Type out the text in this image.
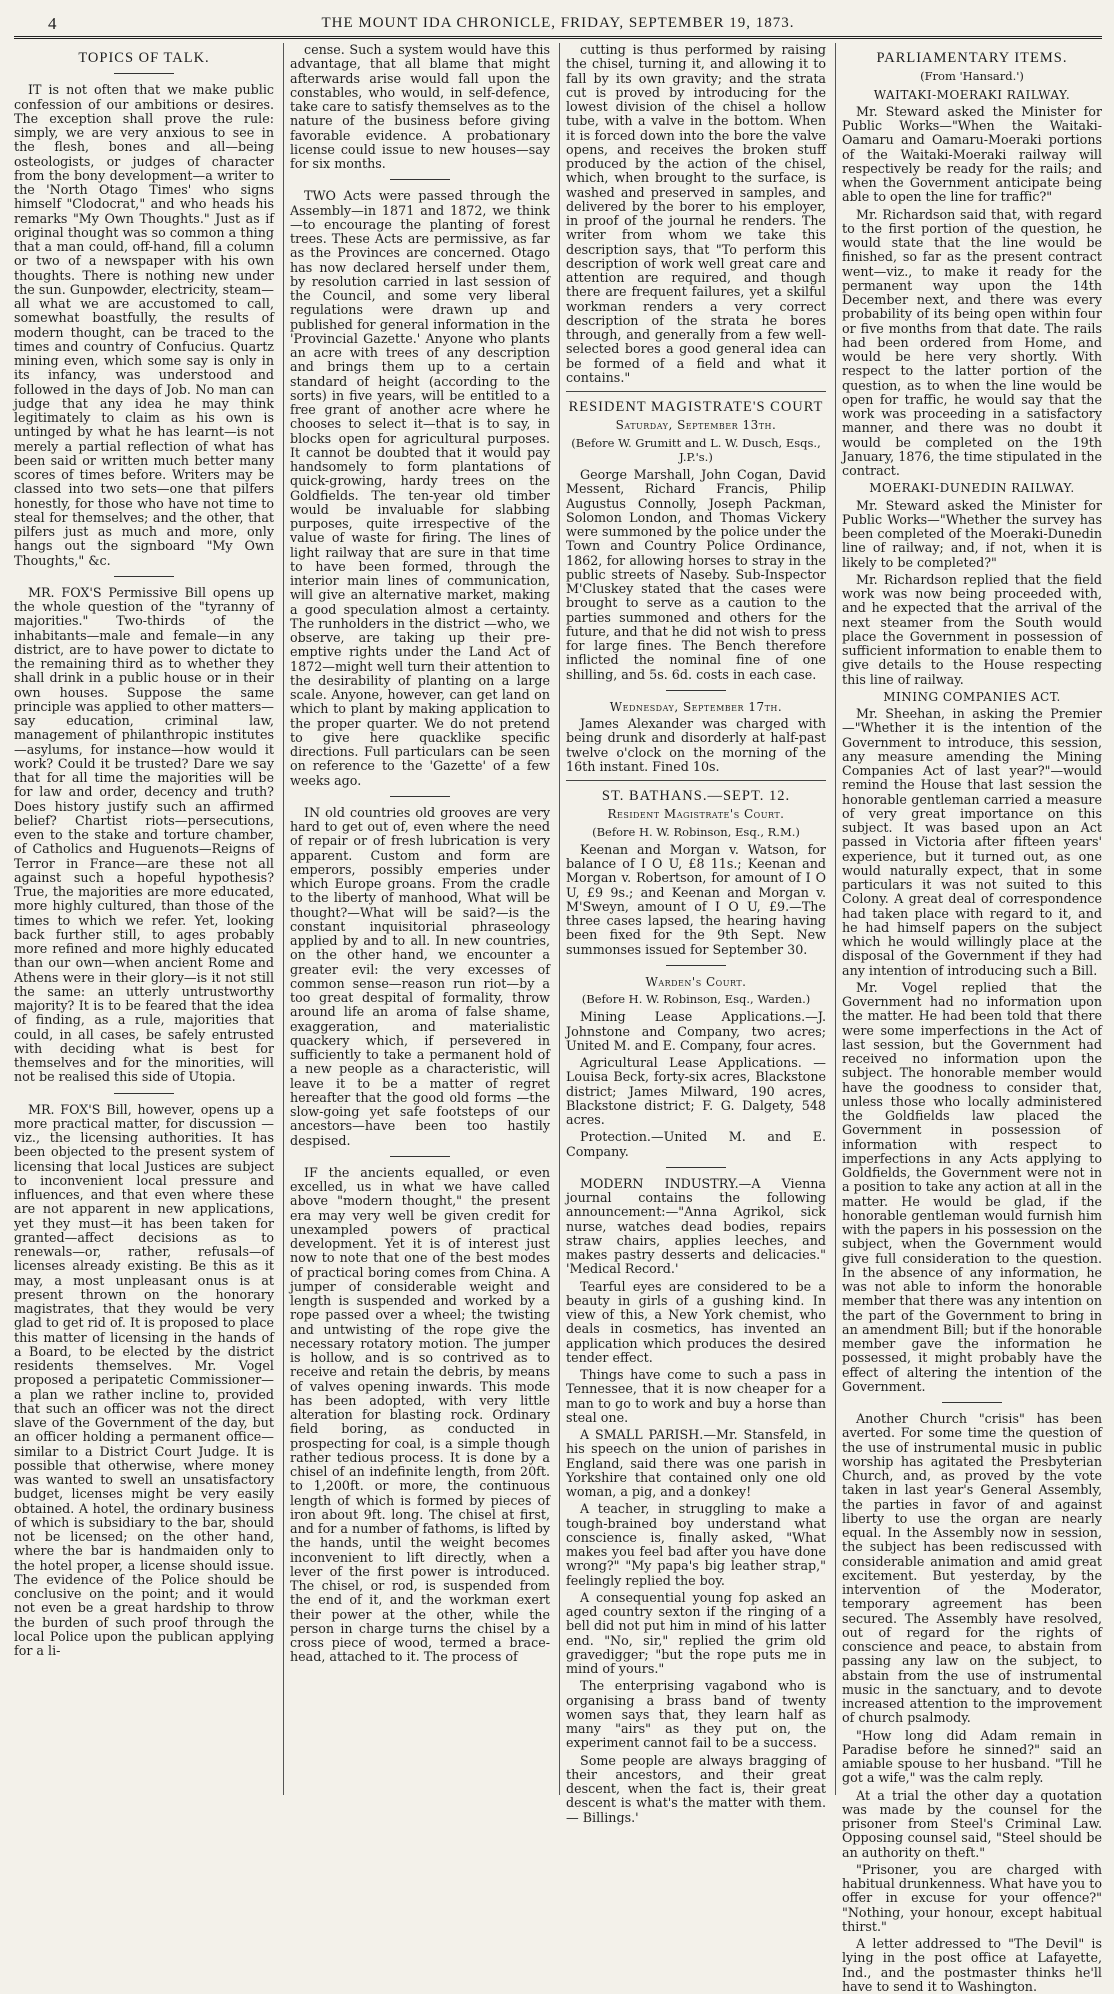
4	THE MOUNT IDA CHRONICLE, FRIDAY, SEPTEMBER 19, 1873.
TOPICS OF TALK.

IT is not often that we make public confession of our ambitions or desires. The exception shall prove the rule: simply, we are very anxious to see in the flesh, bones and all—being osteologists, or judges of character from the bony development—a writer to the 'North Otago Times' who signs himself "Clodocrat," and who heads his remarks "My Own Thoughts." Just as if original thought was so common a thing that a man could, off-hand, fill a column or two of a newspaper with his own thoughts. There is nothing new under the sun. Gunpowder, electricity, steam—all what we are accustomed to call, somewhat boastfully, the results of modern thought, can be traced to the times and country of Confucius. Quartz mining even, which some say is only in its infancy, was understood and followed in the days of Job. No man can judge that any idea he may think legitimately to claim as his own is untinged by what he has learnt—is not merely a partial reflection of what has been said or written much better many scores of times before. Writers may be classed into two sets—one that pilfers honestly, for those who have not time to steal for themselves; and the other, that pilfers just as much and more, only hangs out the signboard "My Own Thoughts," &c.

MR. FOX'S Permissive Bill opens up the whole question of the "tyranny of majorities." Two-thirds of the inhabitants—male and female—in any district, are to have power to dictate to the remaining third as to whether they shall drink in a public house or in their own houses. Suppose the same principle was applied to other matters—say education, criminal law, management of philanthropic institutes—asylums, for instance—how would it work? Could it be trusted? Dare we say that for all time the majorities will be for law and order, decency and truth? Does history justify such an affirmed belief? Chartist riots—persecutions, even to the stake and torture chamber, of Catholics and Huguenots—Reigns of Terror in France—are these not all against such a hopeful hypothesis? True, the majorities are more educated, more highly cultured, than those of the times to which we refer. Yet, looking back further still, to ages probably more refined and more highly educated than our own—when ancient Rome and Athens were in their glory—is it not still the same: an utterly untrustworthy majority? It is to be feared that the idea of finding, as a rule, majorities that could, in all cases, be safely entrusted with deciding what is best for themselves and for the minorities, will not be realised this side of Utopia.

MR. FOX'S Bill, however, opens up a more practical matter, for discussion —viz., the licensing authorities. It has been objected to the present system of licensing that local Justices are subject to inconvenient local pressure and influences, and that even where these are not apparent in new applications, yet they must—it has been taken for granted—affect decisions as to renewals—or, rather, refusals—of licenses already existing. Be this as it may, a most unpleasant onus is at present thrown on the honorary magistrates, that they would be very glad to get rid of. It is proposed to place this matter of licensing in the hands of a Board, to be elected by the district residents themselves. Mr. Vogel proposed a peripatetic Commissioner—a plan we rather incline to, provided that such an officer was not the direct slave of the Government of the day, but an officer holding a permanent office—similar to a District Court Judge. It is possible that otherwise, where money was wanted to swell an unsatisfactory budget, licenses might be very easily obtained. A hotel, the ordinary business of which is subsidiary to the bar, should not be licensed; on the other hand, where the bar is handmaiden only to the hotel proper, a license should issue. The evidence of the Police should be conclusive on the point; and it would not even be a great hardship to throw the burden of such proof through the local Police upon the publican applying for a li-

cense. Such a system would have this advantage, that all blame that might afterwards arise would fall upon the constables, who would, in self-defence, take care to satisfy themselves as to the nature of the business before giving favorable evidence. A probationary license could issue to new houses—say for six months.

TWO Acts were passed through the Assembly—in 1871 and 1872, we think —to encourage the planting of forest trees. These Acts are permissive, as far as the Provinces are concerned. Otago has now declared herself under them, by resolution carried in last session of the Council, and some very liberal regulations were drawn up and published for general information in the 'Provincial Gazette.' Anyone who plants an acre with trees of any description and brings them up to a certain standard of height (according to the sorts) in five years, will be entitled to a free grant of another acre where he chooses to select it—that is to say, in blocks open for agricultural purposes. It cannot be doubted that it would pay handsomely to form plantations of quick-growing, hardy trees on the Goldfields. The ten-year old timber would be invaluable for slabbing purposes, quite irrespective of the value of waste for firing. The lines of light railway that are sure in that time to have been formed, through the interior main lines of communication, will give an alternative market, making a good speculation almost a certainty. The runholders in the district —who, we observe, are taking up their pre-emptive rights under the Land Act of 1872—might well turn their attention to the desirability of planting on a large scale. Anyone, however, can get land on which to plant by making application to the proper quarter. We do not pretend to give here quacklike specific directions. Full particulars can be seen on reference to the 'Gazette' of a few weeks ago.

IN old countries old grooves are very hard to get out of, even where the need of repair or of fresh lubrication is very apparent. Custom and form are emperors, possibly emperies under which Europe groans. From the cradle to the liberty of manhood, What will be thought?—What will be said?—is the constant inquisitorial phraseology applied by and to all. In new countries, on the other hand, we encounter a greater evil: the very excesses of common sense—reason run riot—by a too great despital of formality, throw around life an aroma of false shame, exaggeration, and materialistic quackery which, if persevered in sufficiently to take a permanent hold of a new people as a characteristic, will leave it to be a matter of regret hereafter that the good old forms —the slow-going yet safe footsteps of our ancestors—have been too hastily despised.

IF the ancients equalled, or even excelled, us in what we have called above "modern thought," the present era may very well be given credit for unexampled powers of practical development. Yet it is of interest just now to note that one of the best modes of practical boring comes from China. A jumper of considerable weight and length is suspended and worked by a rope passed over a wheel; the twisting and untwisting of the rope give the necessary rotatory motion. The jumper is hollow, and is so contrived as to receive and retain the debris, by means of valves opening inwards. This mode has been adopted, with very little alteration for blasting rock. Ordinary field boring, as conducted in prospecting for coal, is a simple though rather tedious process. It is done by a chisel of an indefinite length, from 20ft. to 1,200ft. or more, the continuous length of which is formed by pieces of iron about 9ft. long. The chisel at first, and for a number of fathoms, is lifted by the hands, until the weight becomes inconvenient to lift directly, when a lever of the first power is introduced. The chisel, or rod, is suspended from the end of it, and the workman exert their power at the other, while the person in charge turns the chisel by a cross piece of wood, termed a brace-head, attached to it. The process of

cutting is thus performed by raising the chisel, turning it, and allowing it to fall by its own gravity; and the strata cut is proved by introducing for the lowest division of the chisel a hollow tube, with a valve in the bottom. When it is forced down into the bore the valve opens, and receives the broken stuff produced by the action of the chisel, which, when brought to the surface, is washed and preserved in samples, and delivered by the borer to his employer, in proof of the journal he renders. The writer from whom we take this description says, that "To perform this description of work well great care and attention are required, and though there are frequent failures, yet a skilful workman renders a very correct description of the strata he bores through, and generally from a few well-selected bores a good general idea can be formed of a field and what it contains."

RESIDENT MAGISTRATE'S COURT
Saturday, September 13th.
(Before W. Grumitt and L. W. Dusch, Esqs., J.P.'s.)

George Marshall, John Cogan, David Messent, Richard Francis, Philip Augustus Connolly, Joseph Packman, Solomon London, and Thomas Vickery were summoned by the police under the Town and Country Police Ordinance, 1862, for allowing horses to stray in the public streets of Naseby. Sub-Inspector M'Cluskey stated that the cases were brought to serve as a caution to the parties summoned and others for the future, and that he did not wish to press for large fines. The Bench therefore inflicted the nominal fine of one shilling, and 5s. 6d. costs in each case.

Wednesday, September 17th.

James Alexander was charged with being drunk and disorderly at half-past twelve o'clock on the morning of the 16th instant. Fined 10s.

ST. BATHANS.—SEPT. 12.
Resident Magistrate's Court.
(Before H. W. Robinson, Esq., R.M.)

Keenan and Morgan v. Watson, for balance of I O U, £8 11s.; Keenan and Morgan v. Robertson, for amount of I O U, £9 9s.; and Keenan and Morgan v. M'Sweyn, amount of I O U, £9.—The three cases lapsed, the hearing having been fixed for the 9th Sept. New summonses issued for September 30.

Warden's Court.
(Before H. W. Robinson, Esq., Warden.)

Mining Lease Applications.—J. Johnstone and Company, two acres; United M. and E. Company, four acres.

Agricultural Lease Applications. — Louisa Beck, forty-six acres, Blackstone district; James Milward, 190 acres, Blackstone district; F. G. Dalgety, 548 acres.

Protection.—United M. and E. Company.

MODERN INDUSTRY.—A Vienna journal contains the following announcement:—"Anna Agrikol, sick nurse, watches dead bodies, repairs straw chairs, applies leeches, and makes pastry desserts and delicacies." 'Medical Record.'

Tearful eyes are considered to be a beauty in girls of a gushing kind. In view of this, a New York chemist, who deals in cosmetics, has invented an application which produces the desired tender effect.

Things have come to such a pass in Tennessee, that it is now cheaper for a man to go to work and buy a horse than steal one.

A SMALL PARISH.—Mr. Stansfeld, in his speech on the union of parishes in England, said there was one parish in Yorkshire that contained only one old woman, a pig, and a donkey!

A teacher, in struggling to make a tough-brained boy understand what conscience is, finally asked, "What makes you feel bad after you have done wrong?" "My papa's big leather strap," feelingly replied the boy.

A consequential young fop asked an aged country sexton if the ringing of a bell did not put him in mind of his latter end. "No, sir," replied the grim old gravedigger; "but the rope puts me in mind of yours."

The enterprising vagabond who is organising a brass band of twenty women says that, they learn half as many "airs" as they put on, the experiment cannot fail to be a success.

Some people are always bragging of their ancestors, and their great descent, when the fact is, their great descent is what's the matter with them.— Billings.'

PARLIAMENTARY ITEMS.
(From 'Hansard.')
WAITAKI-MOERAKI RAILWAY.

Mr. Steward asked the Minister for Public Works—"When the Waitaki-Oamaru and Oamaru-Moeraki portions of the Waitaki-Moeraki railway will respectively be ready for the rails; and when the Government anticipate being able to open the line for traffic?"

Mr. Richardson said that, with regard to the first portion of the question, he would state that the line would be finished, so far as the present contract went—viz., to make it ready for the permanent way upon the 14th December next, and there was every probability of its being open within four or five months from that date. The rails had been ordered from Home, and would be here very shortly. With respect to the latter portion of the question, as to when the line would be open for traffic, he would say that the work was proceeding in a satisfactory manner, and there was no doubt it would be completed on the 19th January, 1876, the time stipulated in the contract.

MOERAKI-DUNEDIN RAILWAY.

Mr. Steward asked the Minister for Public Works—"Whether the survey has been completed of the Moeraki-Dunedin line of railway; and, if not, when it is likely to be completed?"

Mr. Richardson replied that the field work was now being proceeded with, and he expected that the arrival of the next steamer from the South would place the Government in possession of sufficient information to enable them to give details to the House respecting this line of railway.

MINING COMPANIES ACT.

Mr. Sheehan, in asking the Premier—"Whether it is the intention of the Government to introduce, this session, any measure amending the Mining Companies Act of last year?"—would remind the House that last session the honorable gentleman carried a measure of very great importance on this subject. It was based upon an Act passed in Victoria after fifteen years' experience, but it turned out, as one would naturally expect, that in some particulars it was not suited to this Colony. A great deal of correspondence had taken place with regard to it, and he had himself papers on the subject which he would willingly place at the disposal of the Government if they had any intention of introducing such a Bill.

Mr. Vogel replied that the Government had no information upon the matter. He had been told that there were some imperfections in the Act of last session, but the Government had received no information upon the subject. The honorable member would have the goodness to consider that, unless those who locally administered the Goldfields law placed the Government in possession of information with respect to imperfections in any Acts applying to Goldfields, the Government were not in a position to take any action at all in the matter. He would be glad, if the honorable gentleman would furnish him with the papers in his possession on the subject, when the Government would give full consideration to the question. In the absence of any information, he was not able to inform the honorable member that there was any intention on the part of the Government to bring in an amendment Bill; but if the honorable member gave the information he possessed, it might probably have the effect of altering the intention of the Government.

Another Church "crisis" has been averted. For some time the question of the use of instrumental music in public worship has agitated the Presbyterian Church, and, as proved by the vote taken in last year's General Assembly, the parties in favor of and against liberty to use the organ are nearly equal. In the Assembly now in session, the subject has been rediscussed with considerable animation and amid great excitement. But yesterday, by the intervention of the Moderator, temporary agreement has been secured. The Assembly have resolved, out of regard for the rights of conscience and peace, to abstain from passing any law on the subject, to abstain from the use of instrumental music in the sanctuary, and to devote increased attention to the improvement of church psalmody.

"How long did Adam remain in Paradise before he sinned?" said an amiable spouse to her husband. "Till he got a wife," was the calm reply.

At a trial the other day a quotation was made by the counsel for the prisoner from Steel's Criminal Law. Opposing counsel said, "Steel should be an authority on theft."

"Prisoner, you are charged with habitual drunkenness. What have you to offer in excuse for your offence?" "Nothing, your honour, except habitual thirst."

A letter addressed to "The Devil" is lying in the post office at Lafayette, Ind., and the postmaster thinks he'll have to send it to Washington.
